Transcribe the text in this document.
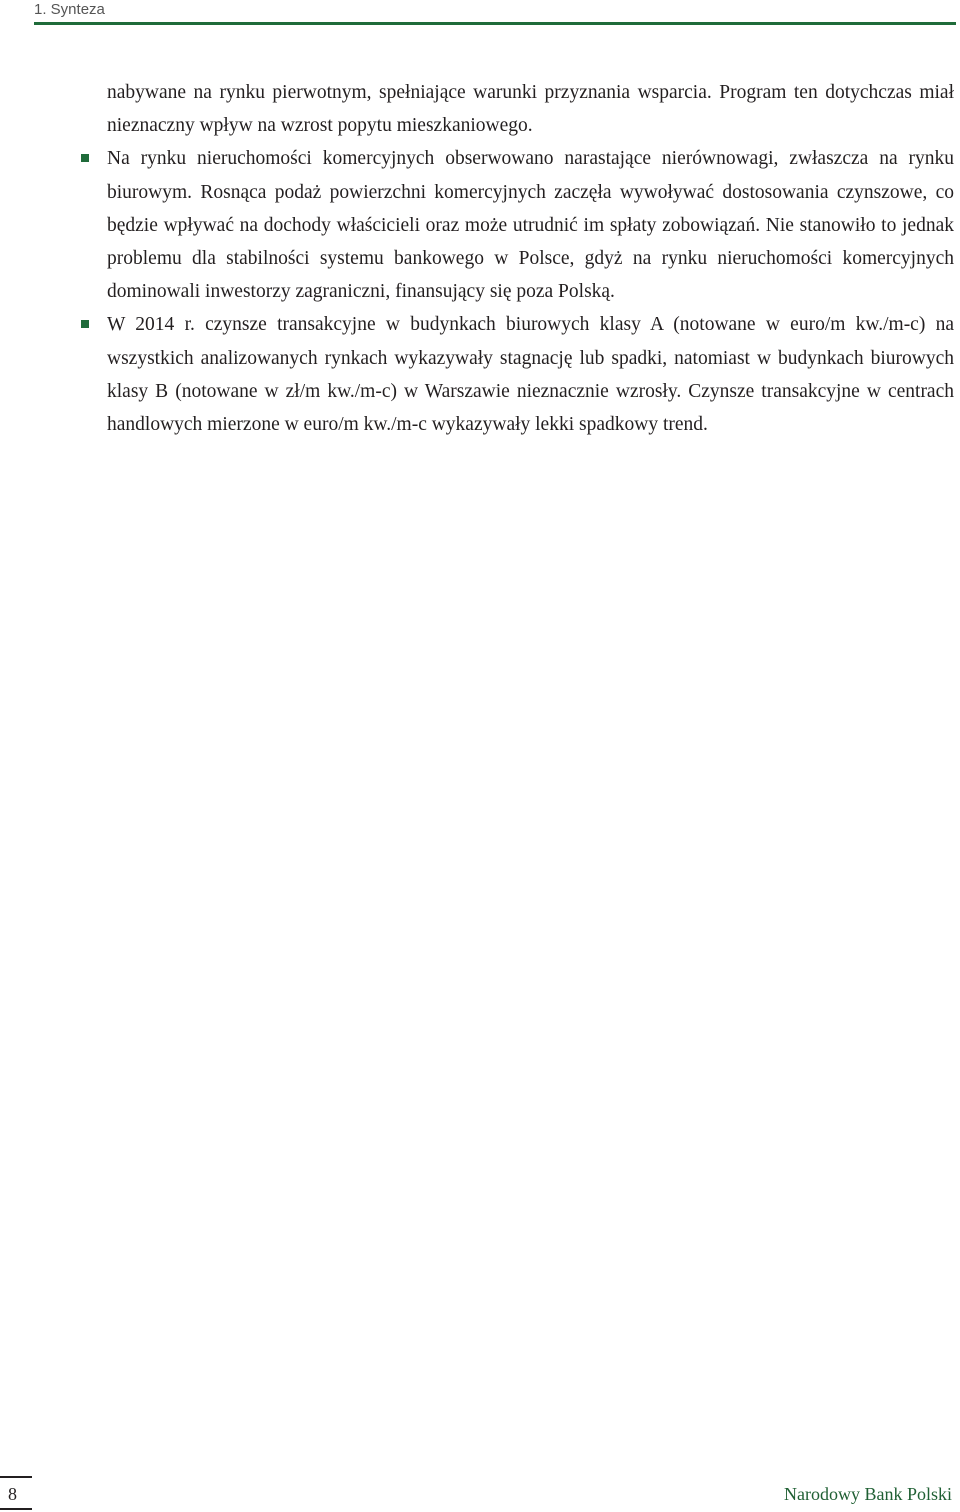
1. Synteza

nabywane na rynku pierwotnym, spełniające warunki przyznania wsparcia. Program ten dotychczas miał nieznaczny wpływ na wzrost popytu mieszkaniowego.

Na rynku nieruchomości komercyjnych obserwowano narastające nierównowagi, zwłaszcza na rynku biurowym. Rosnąca podaż powierzchni komercyjnych zaczęła wywoływać dostosowania czynszowe, co będzie wpływać na dochody właścicieli oraz może utrudnić im spłaty zobowiązań. Nie stanowiło to jednak problemu dla stabilności systemu bankowego w Polsce, gdyż na rynku nieruchomości komercyjnych dominowali inwestorzy zagraniczni, finansujący się poza Polską.
W 2014 r. czynsze transakcyjne w budynkach biurowych klasy A (notowane w euro/m kw./m-c) na wszystkich analizowanych rynkach wykazywały stagnację lub spadki, natomiast w budynkach biurowych klasy B (notowane w zł/m kw./m-c) w Warszawie nieznacznie wzrosły. Czynsze transakcyjne w centrach handlowych mierzone w euro/m kw./m-c wykazywały lekki spadkowy trend.
8	Narodowy Bank Polski
